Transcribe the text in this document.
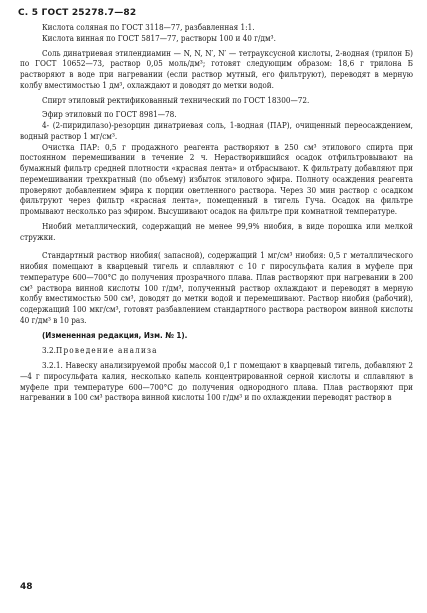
С. 5 ГОСТ 25278.7—82

Кислота соляная по ГОСТ 3118—77, разбавленная 1:1.

Кислота винная по ГОСТ 5817—77, растворы 100 и 40 г/дм³.

Соль динатриевая этилендиамин — N, N, N′, N′ — тетрауксусной кислоты, 2-водная (трилон Б) по ГОСТ 10652—73, раствор 0,05 моль/дм³; готовят следующим образом: 18,6 г трилона Б растворяют в воде при нагревании (если раствор мутный, его фильтруют), переводят в мерную колбу вместимостью 1 дм³, охлаждают и доводят до метки водой.

Спирт этиловый ректификованный технический по ГОСТ 18300—72.

Эфир этиловый по ГОСТ 8981—78.

4- (2-пиридилазо)-резорцин динатриевая соль, 1-водная (ПАР), очищенный переосаждением, водный раствор 1 мг/см³.

Очистка ПАР: 0,5 г продажного реагента растворяют в 250 см³ этилового спирта при постоянном перемешивании в течение 2 ч. Нерастворившийся осадок отфильтровывают на бумажный фильтр средней плотности «красная лента» и отбрасывают. К фильтрату добавляют при перемешивании трехкратный (по объему) избыток этилового эфира. Полноту осаждения реагента проверяют добавлением эфира к порции оветленного раствора. Через 30 мин раствор с осадком фильтруют через фильтр «красная лента», помещенный в тигель Гуча. Осадок на фильтре промывают несколько раз эфиром. Высушивают осадок на фильтре при комнатной температуре.

Ниобий металлический, содержащий не менее 99,9% ниобия, в виде порошка или мелкой стружки.

Стандартный раствор ниобия( запасной), содержащий 1 мг/см³ ниобия: 0,5 г металлического ниобия помещают в кварцевый тигель и сплавляют с 10 г пиросульфата калия в муфеле при температуре 600—700°С до получения прозрачного плава. Плав растворяют при нагревании в 200 см³ раствора винной кислоты 100 г/дм³, полученный раствор охлаждают и переводят в мерную колбу вместимостью 500 см³, доводят до метки водой и перемешивают. Раствор ниобия (рабочий), содержащий 100 мкг/см³, готовят разбавлением стандартного раствора раствором винной кислоты 40 г/дм³ в 10 раз.

(Измененная редакция, Изм. № 1).

3.2.Проведение анализа

3.2.1. Навеску анализируемой пробы массой 0,1 г помещают в кварцевый тигель, добавляют 2—4 г пиросульфата калия, несколько капель концентрированной серной кислоты и сплавляют в муфеле при температуре 600—700°С до получения однородного плава. Плав растворяют при нагревании в 100 см³ раствора винной кислоты 100 г/дм³ и по охлаждении переводят раствор в

48
